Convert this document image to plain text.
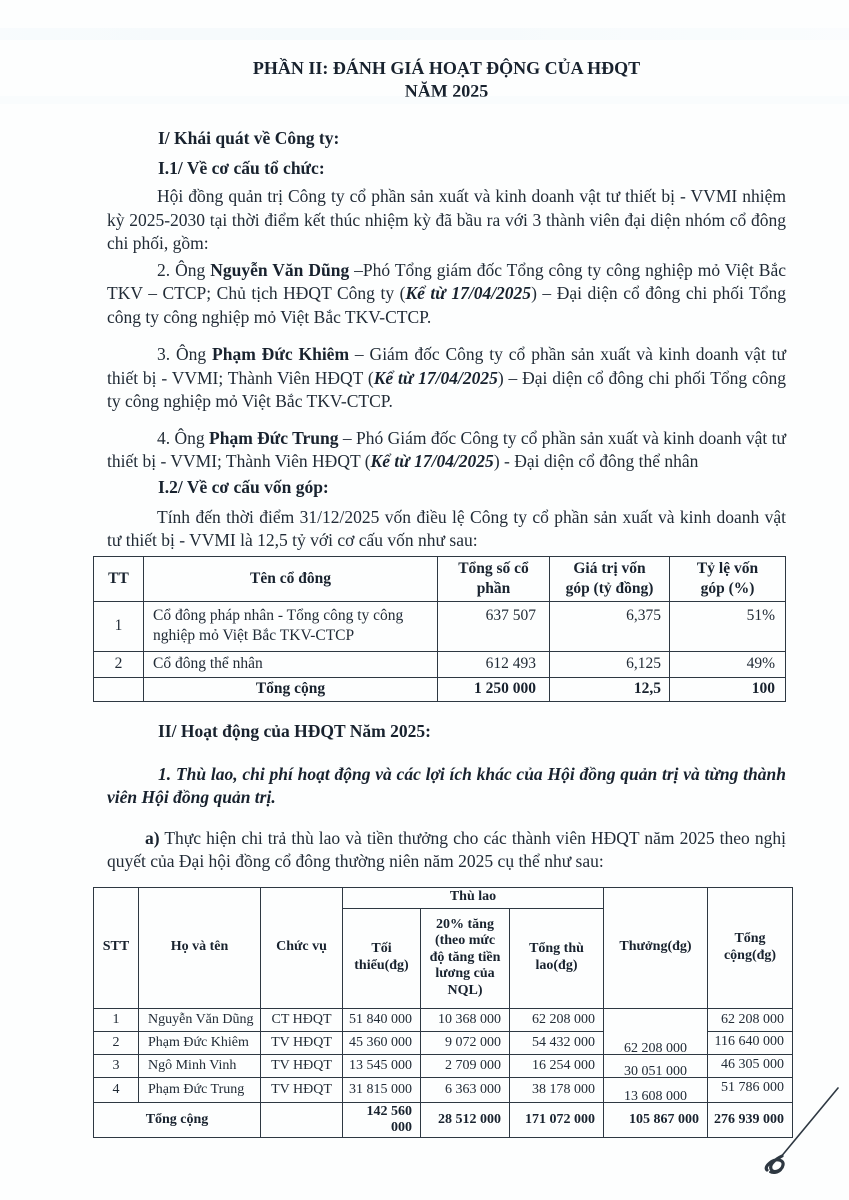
PHẦN II: ĐÁNH GIÁ HOẠT ĐỘNG CỦA HĐQT
NĂM 2025
I/ Khái quát về Công ty:
I.1/ Về cơ cấu tổ chức:

Hội đồng quản trị Công ty cổ phần sản xuất và kinh doanh vật tư thiết bị - VVMI nhiệm kỳ 2025-2030 tại thời điểm kết thúc nhiệm kỳ đã bầu ra với 3 thành viên đại diện nhóm cổ đông chi phối, gồm:

2. Ông Nguyễn Văn Dũng –Phó Tổng giám đốc Tổng công ty công nghiệp mỏ Việt Bắc TKV – CTCP; Chủ tịch HĐQT Công ty (Kể từ 17/04/2025) – Đại diện cổ đông chi phối Tổng công ty công nghiệp mỏ Việt Bắc TKV-CTCP.

3. Ông Phạm Đức Khiêm – Giám đốc Công ty cổ phần sản xuất và kinh doanh vật tư thiết bị - VVMI; Thành Viên HĐQT (Kể từ 17/04/2025) – Đại diện cổ đông chi phối Tổng công ty công nghiệp mỏ Việt Bắc TKV-CTCP.

4. Ông Phạm Đức Trung – Phó Giám đốc Công ty cổ phần sản xuất và kinh doanh vật tư thiết bị - VVMI; Thành Viên HĐQT (Kể từ 17/04/2025) - Đại diện cổ đông thể nhân

I.2/ Về cơ cấu vốn góp:

Tính đến thời điểm 31/12/2025 vốn điều lệ Công ty cổ phần sản xuất và kinh doanh vật tư thiết bị - VVMI là 12,5 tỷ với cơ cấu vốn như sau:

TT	Tên cổ đông	Tổng số cổ phần	Giá trị vốn góp (tỷ đồng)	Tỷ lệ vốn góp (%)
1	Cổ đông pháp nhân - Tổng công ty công nghiệp mỏ Việt Bắc TKV-CTCP	637 507	6,375	51%
2	Cổ đông thể nhân	612 493	6,125	49%
	Tổng cộng	1 250 000	12,5	100
II/ Hoạt động của HĐQT Năm 2025:

1. Thù lao, chi phí hoạt động và các lợi ích khác của Hội đồng quản trị và từng thành viên Hội đồng quản trị.

a) Thực hiện chi trả thù lao và tiền thưởng cho các thành viên HĐQT năm 2025 theo nghị quyết của Đại hội đồng cổ đông thường niên năm 2025 cụ thể như sau:

STT	Họ và tên	Chức vụ	Thù lao			Thưởng(đg)	Tổng cộng(đg)
			Tối thiểu(đg)	20% tăng (theo mức độ tăng tiền lương của NQL)	Tổng thù lao(đg)		
1	Nguyễn Văn Dũng	CT HĐQT	51 840 000	10 368 000	62 208 000	62 208 000	62 208 000
2	Phạm Đức Khiêm	TV HĐQT	45 360 000	9 072 000	54 432 000		116 640 000
3	Ngô Minh Vinh	TV HĐQT	13 545 000	2 709 000	16 254 000	30 051 000	46 305 000
4	Phạm Đức Trung	TV HĐQT	31 815 000	6 363 000	38 178 000	13 608 000	51 786 000
Tổng cộng			142 560 000	28 512 000	171 072 000	105 867 000	276 939 000
